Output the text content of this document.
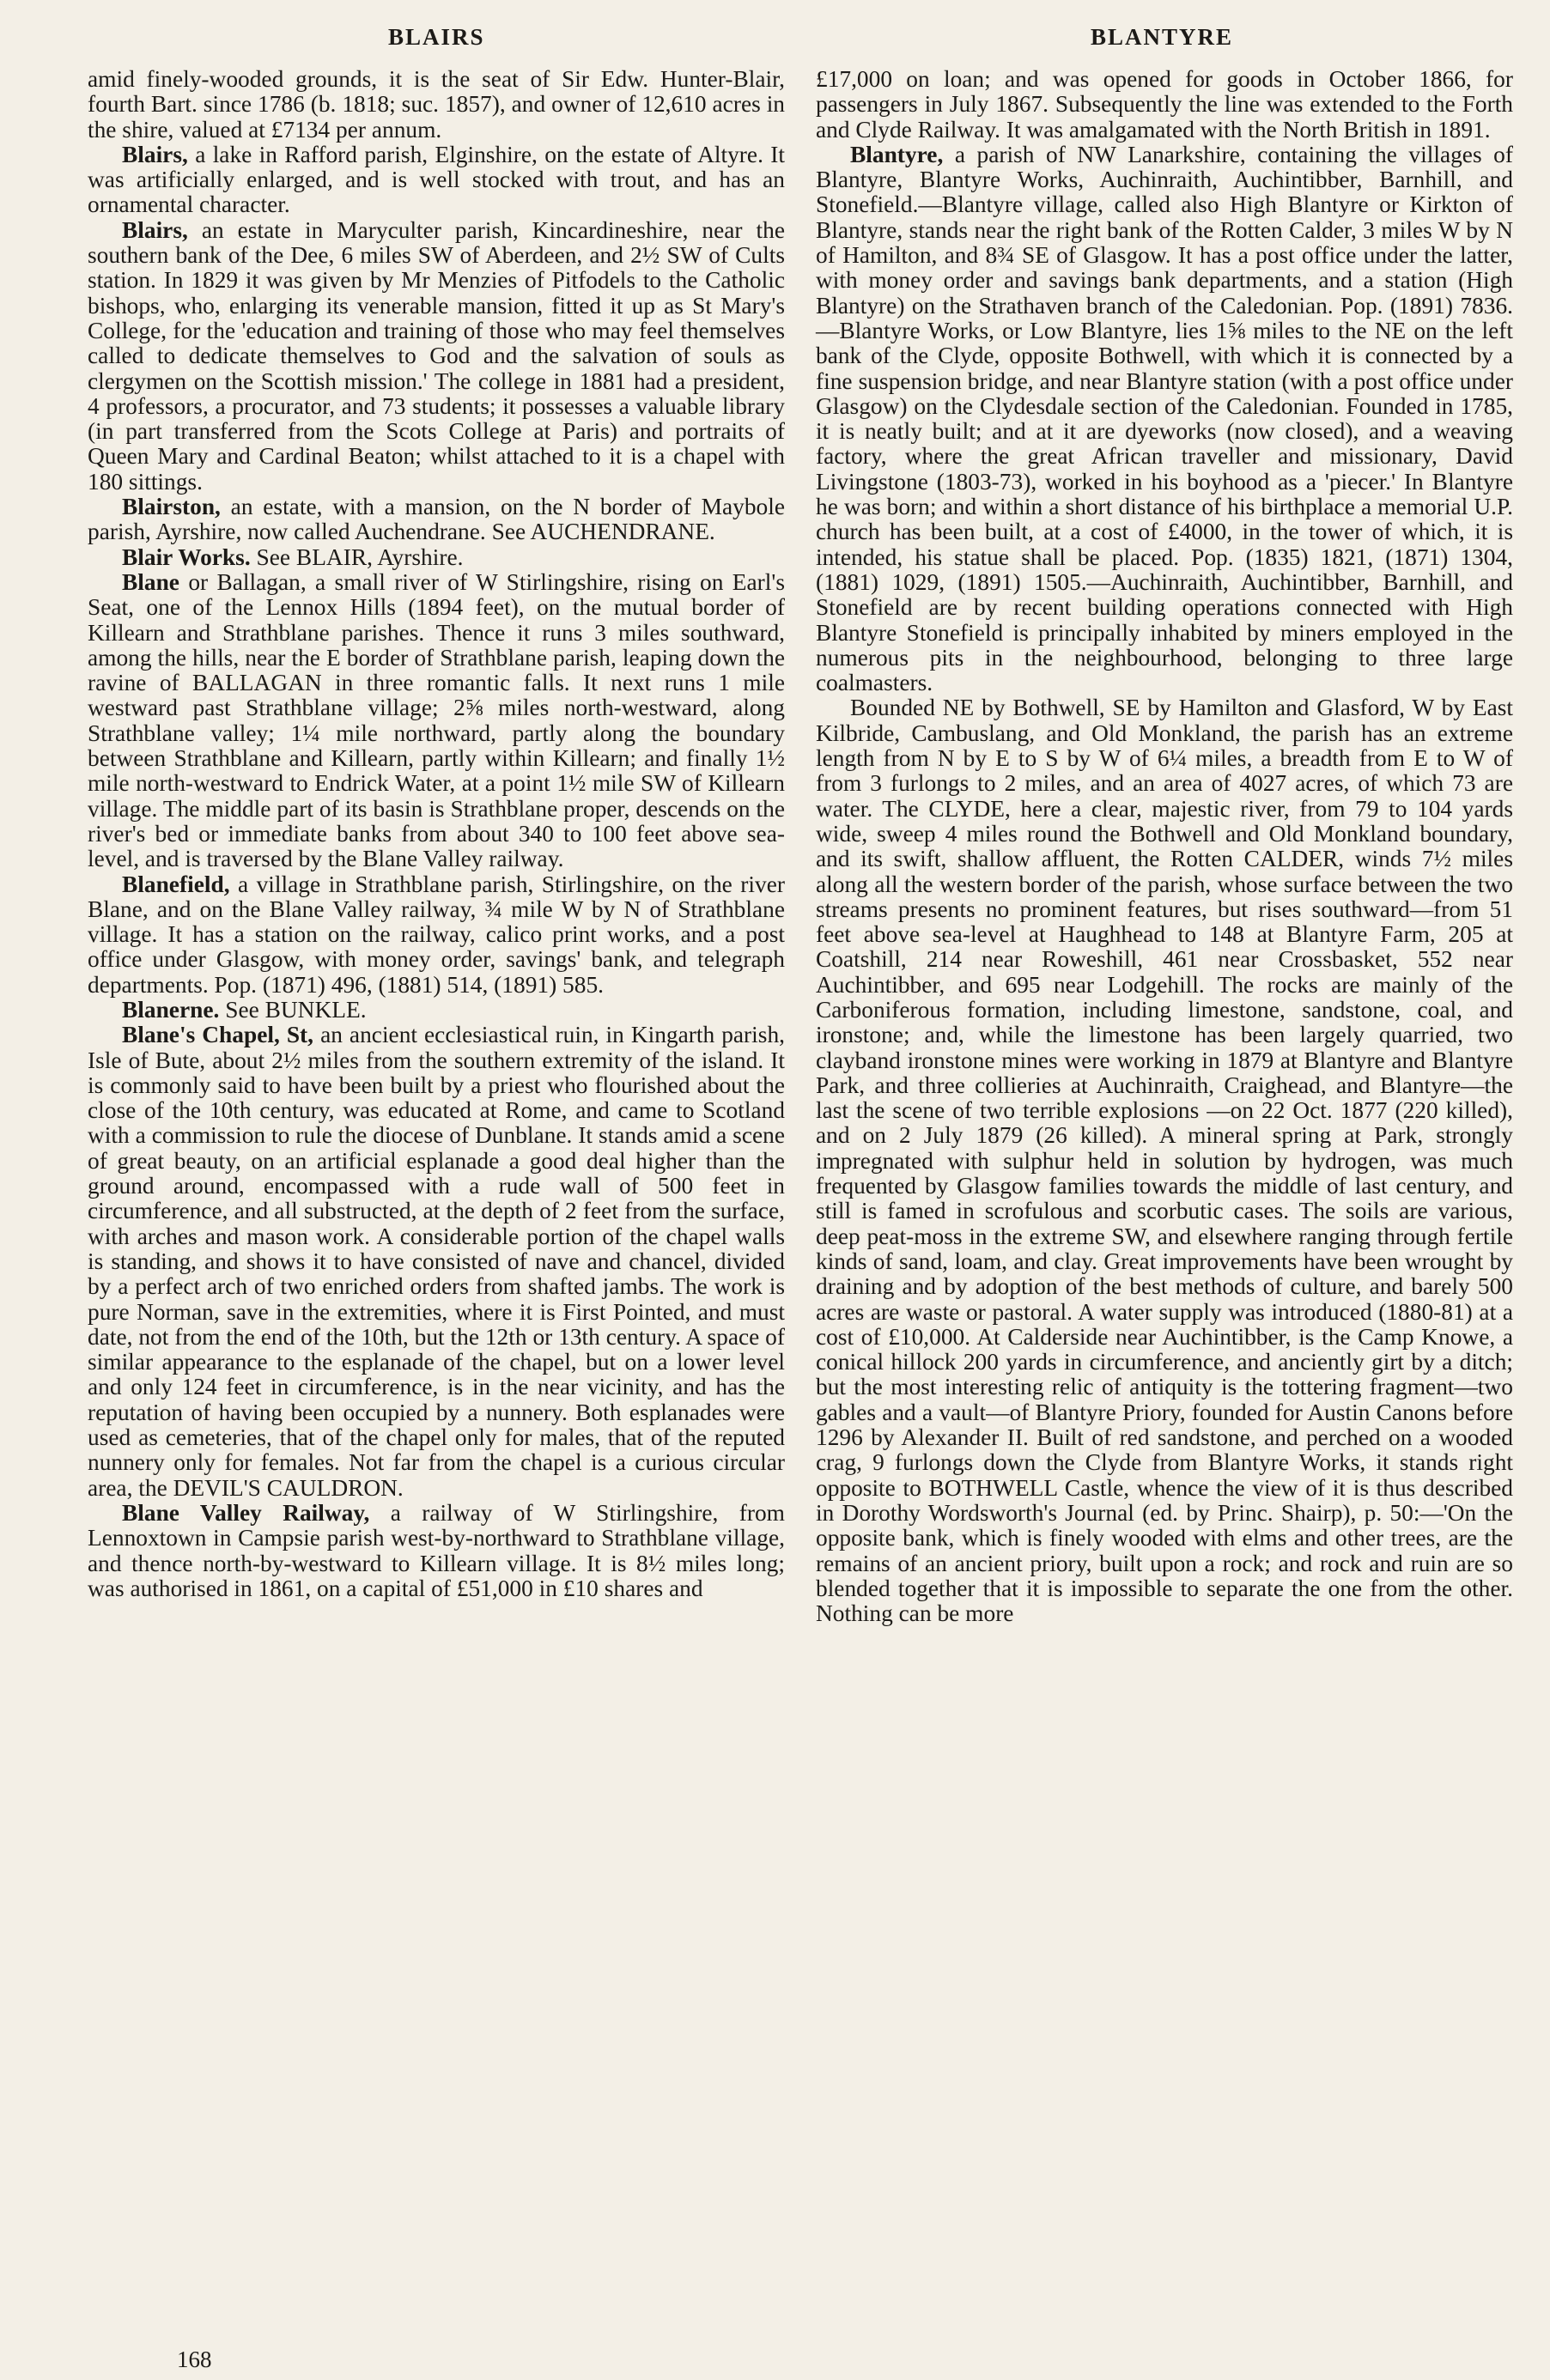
BLAIRS	BLANTYRE

amid finely-wooded grounds, it is the seat of Sir Edw. Hunter-Blair, fourth Bart. since 1786 (b. 1818; suc. 1857), and owner of 12,610 acres in the shire, valued at £7134 per annum.

Blairs, a lake in Rafford parish, Elginshire, on the estate of Altyre. It was artificially enlarged, and is well stocked with trout, and has an ornamental character.

Blairs, an estate in Maryculter parish, Kincardineshire, near the southern bank of the Dee, 6 miles SW of Aberdeen, and 2½ SW of Cults station. In 1829 it was given by Mr Menzies of Pitfodels to the Catholic bishops, who, enlarging its venerable mansion, fitted it up as St Mary's College, for the 'education and training of those who may feel themselves called to dedicate themselves to God and the salvation of souls as clergymen on the Scottish mission.' The college in 1881 had a president, 4 professors, a procurator, and 73 students; it possesses a valuable library (in part transferred from the Scots College at Paris) and portraits of Queen Mary and Cardinal Beaton; whilst attached to it is a chapel with 180 sittings.

Blairston, an estate, with a mansion, on the N border of Maybole parish, Ayrshire, now called Auchendrane. See AUCHENDRANE.

Blair Works. See BLAIR, Ayrshire.

Blane or Ballagan, a small river of W Stirlingshire, rising on Earl's Seat, one of the Lennox Hills (1894 feet), on the mutual border of Killearn and Strathblane parishes. Thence it runs 3 miles southward, among the hills, near the E border of Strathblane parish, leaping down the ravine of BALLAGAN in three romantic falls. It next runs 1 mile westward past Strathblane village; 2⅝ miles north-westward, along Strathblane valley; 1¼ mile northward, partly along the boundary between Strathblane and Killearn, partly within Killearn; and finally 1½ mile north-westward to Endrick Water, at a point 1½ mile SW of Killearn village. The middle part of its basin is Strathblane proper, descends on the river's bed or immediate banks from about 340 to 100 feet above sea-level, and is traversed by the Blane Valley railway.

Blanefield, a village in Strathblane parish, Stirlingshire, on the river Blane, and on the Blane Valley railway, ¾ mile W by N of Strathblane village. It has a station on the railway, calico print works, and a post office under Glasgow, with money order, savings' bank, and telegraph departments. Pop. (1871) 496, (1881) 514, (1891) 585.

Blanerne. See BUNKLE.

Blane's Chapel, St, an ancient ecclesiastical ruin, in Kingarth parish, Isle of Bute, about 2½ miles from the southern extremity of the island. It is commonly said to have been built by a priest who flourished about the close of the 10th century, was educated at Rome, and came to Scotland with a commission to rule the diocese of Dunblane. It stands amid a scene of great beauty, on an artificial esplanade a good deal higher than the ground around, encompassed with a rude wall of 500 feet in circumference, and all substructed, at the depth of 2 feet from the surface, with arches and mason work. A considerable portion of the chapel walls is standing, and shows it to have consisted of nave and chancel, divided by a perfect arch of two enriched orders from shafted jambs. The work is pure Norman, save in the extremities, where it is First Pointed, and must date, not from the end of the 10th, but the 12th or 13th century. A space of similar appearance to the esplanade of the chapel, but on a lower level and only 124 feet in circumference, is in the near vicinity, and has the reputation of having been occupied by a nunnery. Both esplanades were used as cemeteries, that of the chapel only for males, that of the reputed nunnery only for females. Not far from the chapel is a curious circular area, the DEVIL'S CAULDRON.

Blane Valley Railway, a railway of W Stirlingshire, from Lennoxtown in Campsie parish west-by-northward to Strathblane village, and thence north-by-westward to Killearn village. It is 8½ miles long; was authorised in 1861, on a capital of £51,000 in £10 shares and

£17,000 on loan; and was opened for goods in October 1866, for passengers in July 1867. Subsequently the line was extended to the Forth and Clyde Railway. It was amalgamated with the North British in 1891.

Blantyre, a parish of NW Lanarkshire, containing the villages of Blantyre, Blantyre Works, Auchinraith, Auchintibber, Barnhill, and Stonefield.—Blantyre village, called also High Blantyre or Kirkton of Blantyre, stands near the right bank of the Rotten Calder, 3 miles W by N of Hamilton, and 8¾ SE of Glasgow. It has a post office under the latter, with money order and savings bank departments, and a station (High Blantyre) on the Strathaven branch of the Caledonian. Pop. (1891) 7836.—Blantyre Works, or Low Blantyre, lies 1⅝ miles to the NE on the left bank of the Clyde, opposite Bothwell, with which it is connected by a fine suspension bridge, and near Blantyre station (with a post office under Glasgow) on the Clydesdale section of the Caledonian. Founded in 1785, it is neatly built; and at it are dyeworks (now closed), and a weaving factory, where the great African traveller and missionary, David Livingstone (1803-73), worked in his boyhood as a 'piecer.' In Blantyre he was born; and within a short distance of his birthplace a memorial U.P. church has been built, at a cost of £4000, in the tower of which, it is intended, his statue shall be placed. Pop. (1835) 1821, (1871) 1304, (1881) 1029, (1891) 1505.—Auchinraith, Auchintibber, Barnhill, and Stonefield are by recent building operations connected with High Blantyre Stonefield is principally inhabited by miners employed in the numerous pits in the neighbourhood, belonging to three large coalmasters.

Bounded NE by Bothwell, SE by Hamilton and Glasford, W by East Kilbride, Cambuslang, and Old Monkland, the parish has an extreme length from N by E to S by W of 6¼ miles, a breadth from E to W of from 3 furlongs to 2 miles, and an area of 4027 acres, of which 73 are water. The CLYDE, here a clear, majestic river, from 79 to 104 yards wide, sweep 4 miles round the Bothwell and Old Monkland boundary, and its swift, shallow affluent, the Rotten CALDER, winds 7½ miles along all the western border of the parish, whose surface between the two streams presents no prominent features, but rises southward—from 51 feet above sea-level at Haughhead to 148 at Blantyre Farm, 205 at Coatshill, 214 near Roweshill, 461 near Crossbasket, 552 near Auchintibber, and 695 near Lodgehill. The rocks are mainly of the Carboniferous formation, including limestone, sandstone, coal, and ironstone; and, while the limestone has been largely quarried, two clayband ironstone mines were working in 1879 at Blantyre and Blantyre Park, and three collieries at Auchinraith, Craighead, and Blantyre—the last the scene of two terrible explosions —on 22 Oct. 1877 (220 killed), and on 2 July 1879 (26 killed). A mineral spring at Park, strongly impregnated with sulphur held in solution by hydrogen, was much frequented by Glasgow families towards the middle of last century, and still is famed in scrofulous and scorbutic cases. The soils are various, deep peat-moss in the extreme SW, and elsewhere ranging through fertile kinds of sand, loam, and clay. Great improvements have been wrought by draining and by adoption of the best methods of culture, and barely 500 acres are waste or pastoral. A water supply was introduced (1880-81) at a cost of £10,000. At Calderside near Auchintibber, is the Camp Knowe, a conical hillock 200 yards in circumference, and anciently girt by a ditch; but the most interesting relic of antiquity is the tottering fragment—two gables and a vault—of Blantyre Priory, founded for Austin Canons before 1296 by Alexander II. Built of red sandstone, and perched on a wooded crag, 9 furlongs down the Clyde from Blantyre Works, it stands right opposite to BOTHWELL Castle, whence the view of it is thus described in Dorothy Wordsworth's Journal (ed. by Princ. Shairp), p. 50:—'On the opposite bank, which is finely wooded with elms and other trees, are the remains of an ancient priory, built upon a rock; and rock and ruin are so blended together that it is impossible to separate the one from the other. Nothing can be more

168
